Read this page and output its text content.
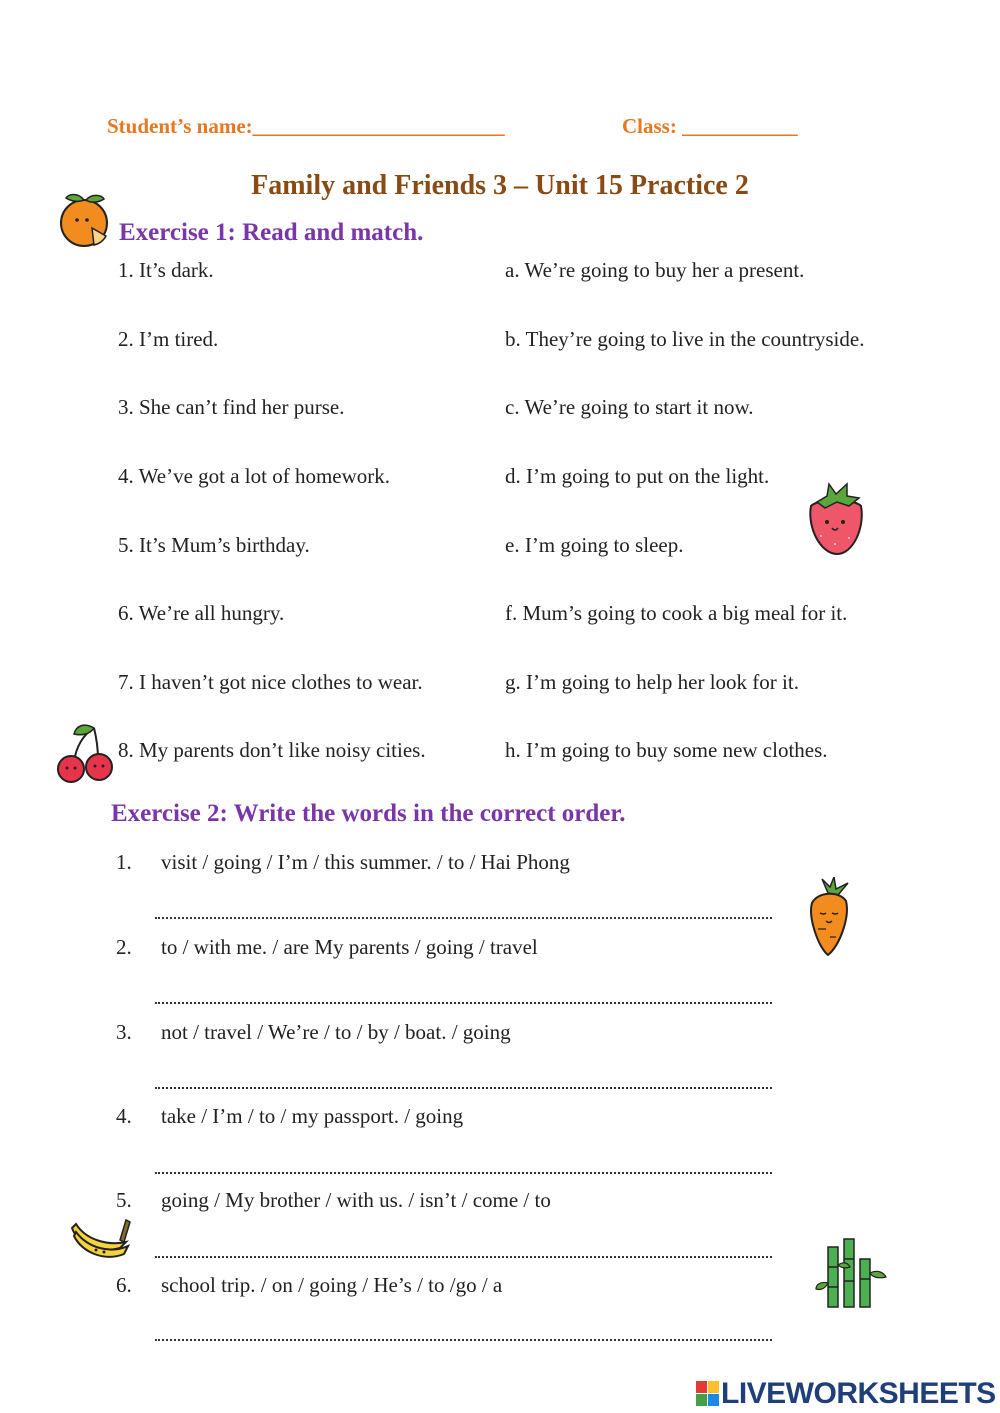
Student’s name:________________________	Class: ___________
Family and Friends 3 – Unit 15 Practice 2
Exercise 1: Read and match.
1. It’s dark.
2. I’m tired.
3. She can’t find her purse.
4. We’ve got a lot of homework.
5. It’s Mum’s birthday.
6. We’re all hungry.
7. I haven’t got nice clothes to wear.
8. My parents don’t like noisy cities.
a. We’re going to buy her a present.
b. They’re going to live in the countryside.
c. We’re going to start it now.
d. I’m going to put on the light.
e. I’m going to sleep.
f. Mum’s going to cook a big meal for it.
g. I’m going to help her look for it.
h. I’m going to buy some new clothes.
Exercise 2: Write the words in the correct order.
1. visit / going / I’m / this summer. / to / Hai Phong
2. to / with me. / are My parents / going / travel
3. not / travel / We’re / to / by / boat. / going
4. take / I’m / to / my passport. / going
5. going / My brother / with us. / isn’t / come / to
6. school trip. / on / going / He’s / to /go / a
LIVEWORKSHEETS
